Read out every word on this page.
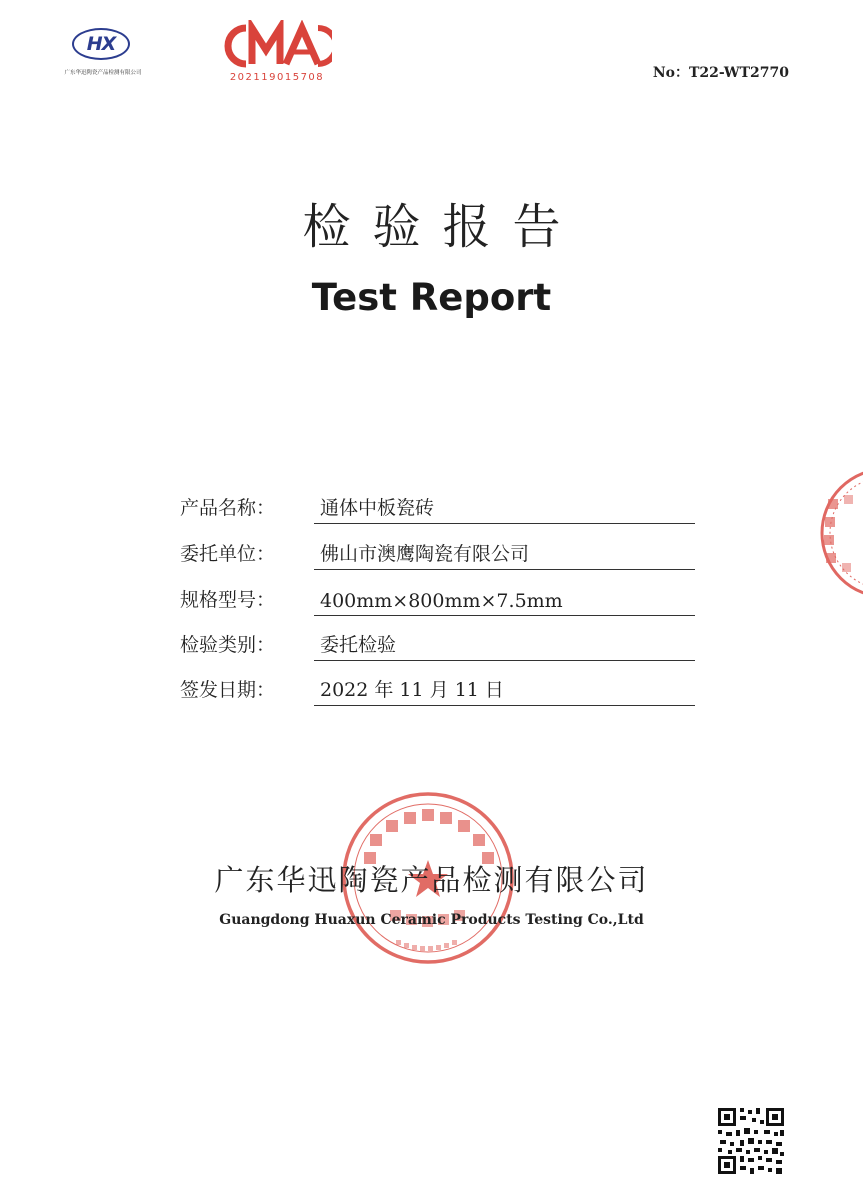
HX
广东华迅陶瓷产品检测有限公司	202119015708	No：T22-WT2770
检验报告
Test Report
产品名称： 通体中板瓷砖
委托单位： 佛山市澳鹰陶瓷有限公司
规格型号： 400mm×800mm×7.5mm
检验类别： 委托检验
签发日期： 2022 年 11 月 11 日
广东华迅陶瓷产品检测有限公司
Guangdong Huaxun Ceramic Products Testing Co.,Ltd
